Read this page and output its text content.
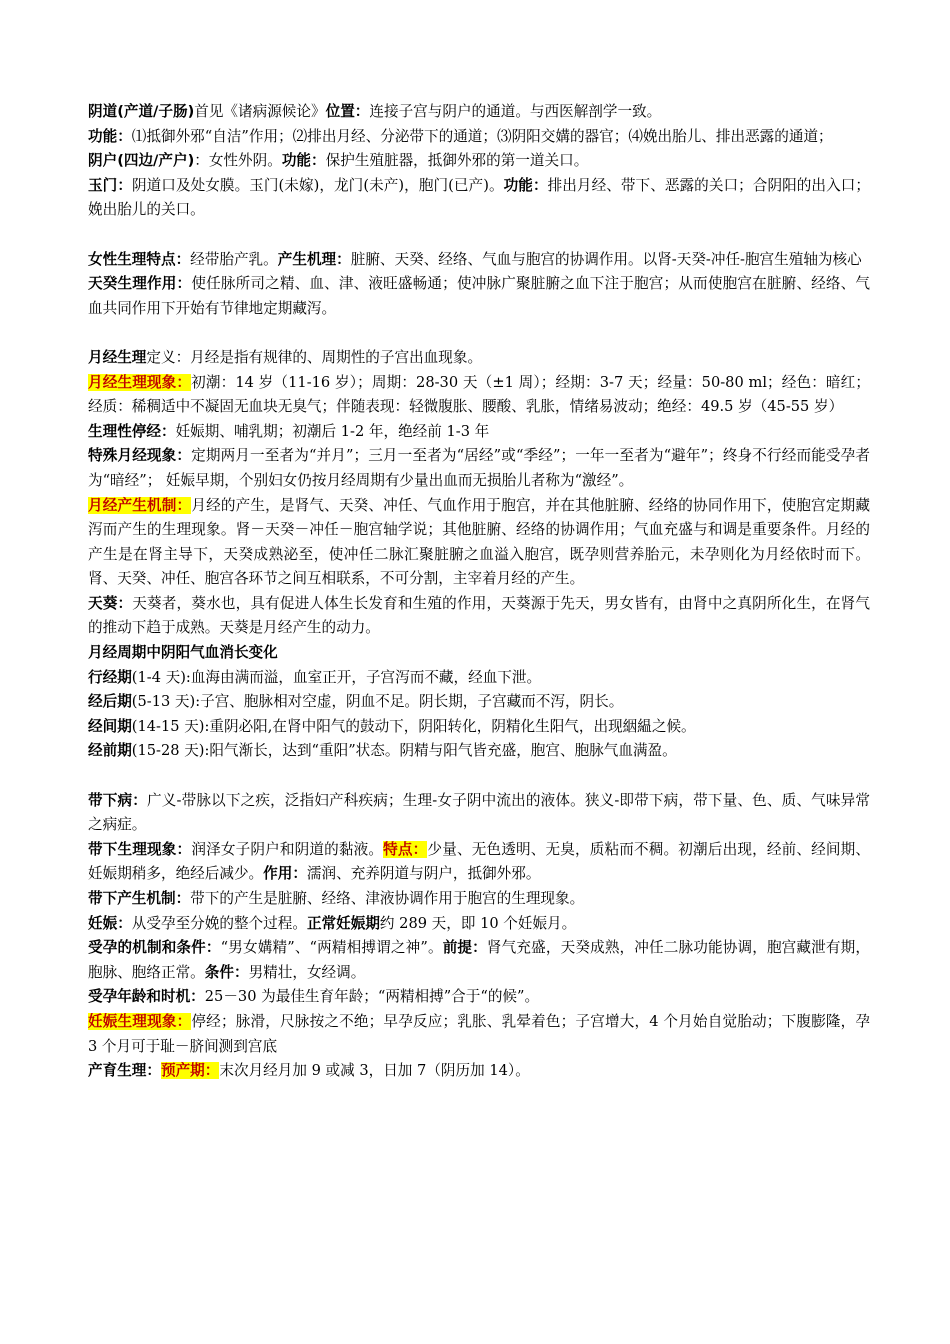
阴道(产道/子肠)首见《诸病源候论》位置：连接子宫与阴户的通道。与西医解剖学一致。

功能：⑴抵御外邪“自洁”作用；⑵排出月经、分泌带下的通道；⑶阴阳交媾的器官；⑷娩出胎儿、排出恶露的通道；

阴户(四边/产户)：女性外阴。功能：保护生殖脏器，抵御外邪的第一道关口。

玉门：阴道口及处女膜。玉门(未嫁)，龙门(未产)，胞门(已产)。功能：排出月经、带下、恶露的关口；合阴阳的出入口；娩出胎儿的关口。

女性生理特点：经带胎产乳。产生机理：脏腑、天癸、经络、气血与胞宫的协调作用。以肾-天癸-冲任-胞宫生殖轴为核心

天癸生理作用：使任脉所司之精、血、津、液旺盛畅通；使冲脉广聚脏腑之血下注于胞宫；从而使胞宫在脏腑、经络、气血共同作用下开始有节律地定期藏泻。

月经生理定义：月经是指有规律的、周期性的子宫出血现象。

月经生理现象：初潮：14 岁（11-16 岁）；周期：28-30 天（±1 周）；经期：3-7 天；经量：50-80 ml；经色：暗红；经质：稀稠适中不凝固无血块无臭气；伴随表现：轻微腹胀、腰酸、乳胀，情绪易波动；绝经：49.5 岁（45-55 岁）

生理性停经：妊娠期、哺乳期；初潮后 1-2 年，绝经前 1-3 年

特殊月经现象：定期两月一至者为“并月”；三月一至者为“居经”或“季经”；一年一至者为“避年”；终身不行经而能受孕者为“暗经”； 妊娠早期，个别妇女仍按月经周期有少量出血而无损胎儿者称为“激经”。

月经产生机制：月经的产生，是肾气、天癸、冲任、气血作用于胞宫，并在其他脏腑、经络的协同作用下，使胞宫定期藏泻而产生的生理现象。肾－天癸－冲任－胞宫轴学说；其他脏腑、经络的协调作用；气血充盛与和调是重要条件。月经的产生是在肾主导下，天癸成熟泌至，使冲任二脉汇聚脏腑之血溢入胞宫，既孕则营养胎元，未孕则化为月经依时而下。肾、天癸、冲任、胞宫各环节之间互相联系，不可分割，主宰着月经的产生。

天葵：天葵者，葵水也，具有促进人体生长发育和生殖的作用，天葵源于先天，男女皆有，由肾中之真阴所化生，在肾气的推动下趋于成熟。天葵是月经产生的动力。

月经周期中阴阳气血消长变化

行经期(1-4 天):血海由满而溢，血室正开，子宫泻而不藏，经血下泄。

经后期(5-13 天):子宫、胞脉相对空虚，阴血不足。阴长期，子宫藏而不泻，阴长。

经间期(14-15 天):重阴必阳,在肾中阳气的鼓动下，阴阳转化，阴精化生阳气，出现絪緼之候。

经前期(15-28 天):阳气渐长，达到“重阳”状态。阴精与阳气皆充盛，胞宫、胞脉气血满盈。

带下病：广义-带脉以下之疾，泛指妇产科疾病；生理-女子阴中流出的液体。狭义-即带下病，带下量、色、质、气味异常之病症。

带下生理现象：润泽女子阴户和阴道的黏液。特点：少量、无色透明、无臭，质粘而不稠。初潮后出现，经前、经间期、妊娠期稍多，绝经后减少。作用：濡润、充养阴道与阴户，抵御外邪。

带下产生机制：带下的产生是脏腑、经络、津液协调作用于胞宫的生理现象。

妊娠：从受孕至分娩的整个过程。正常妊娠期约 289 天，即 10 个妊娠月。

受孕的机制和条件：“男女媾精”、“两精相搏谓之神”。前提：肾气充盛，天癸成熟，冲任二脉功能协调，胞宫藏泄有期，胞脉、胞络正常。条件：男精壮，女经调。

受孕年龄和时机：25－30 为最佳生育年龄；“两精相搏”合于“的候”。

妊娠生理现象：停经；脉滑，尺脉按之不绝；早孕反应；乳胀、乳晕着色；子宫增大，4 个月始自觉胎动；下腹膨隆，孕 3 个月可于耻－脐间测到宫底

产育生理：预产期：末次月经月加 9 或减 3，日加 7（阴历加 14）。
